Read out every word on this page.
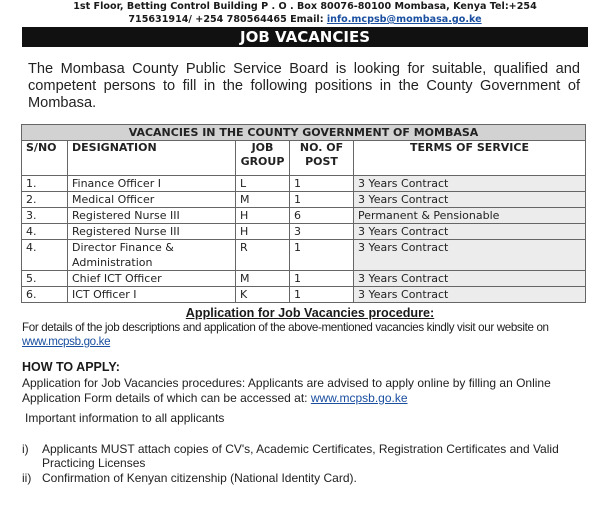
1st Floor, Betting Control Building P . O . Box 80076-80100 Mombasa, Kenya Tel:+254
715631914/ +254 780564465 Email: info.mcpsb@mombasa.go.ke
JOB VACANCIES

The Mombasa County Public Service Board is looking for suitable, qualified and competent persons to fill in the following positions in the County Government of Mombasa.

VACANCIES IN THE COUNTY GOVERNMENT OF MOMBASA				
S/NO	DESIGNATION	JOB GROUP	NO. OF POST	TERMS OF SERVICE
1.	Finance Officer I	L	1	3 Years Contract
2.	Medical Officer	M	1	3 Years Contract
3.	Registered Nurse III	H	6	Permanent & Pensionable
4.	Registered Nurse III	H	3	3 Years Contract
4.	Director Finance & Administration	R	1	3 Years Contract
5.	Chief ICT Officer	M	1	3 Years Contract
6.	ICT Officer I	K	1	3 Years Contract
Application for Job Vacancies procedure:
For details of the job descriptions and application of the above-mentioned vacancies kindly visit our website on
www.mcpsb.go.ke
HOW TO APPLY:
Application for Job Vacancies procedures: Applicants are advised to apply online by filling an Online Application Form details of which can be accessed at: www.mcpsb.go.ke
Important information to all applicants
i)	Applicants MUST attach copies of CV's, Academic Certificates, Registration Certificates and Valid Practicing Licenses
ii) Confirmation of Kenyan citizenship (National Identity Card).
